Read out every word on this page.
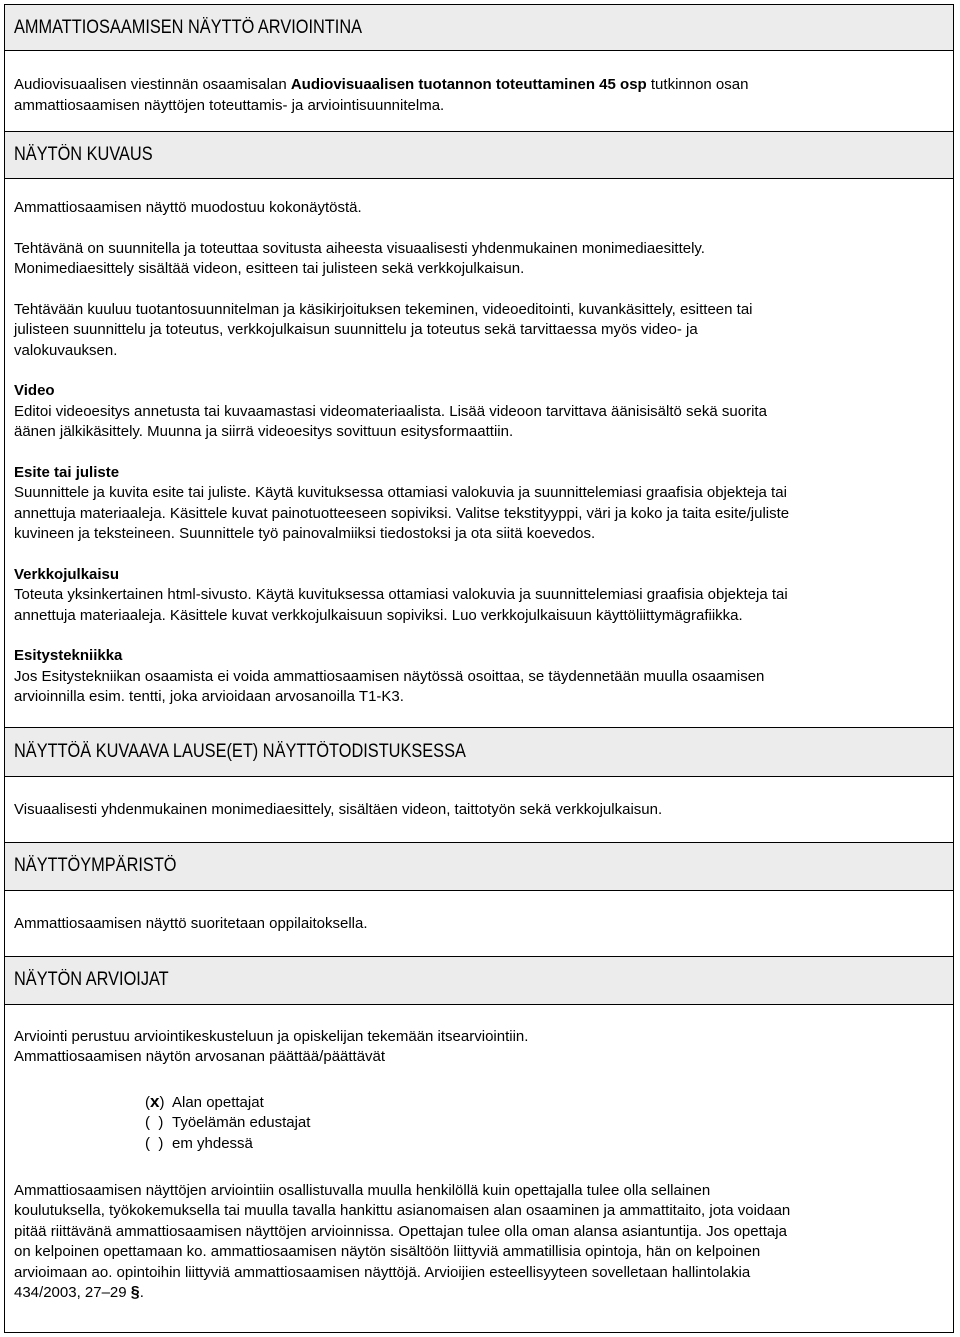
AMMATTIOSAAMISEN NÄYTTÖ ARVIOINTINA

Audiovisuaalisen viestinnän osaamisalan Audiovisuaalisen tuotannon toteuttaminen 45 osp tutkinnon osan

ammattiosaamisen näyttöjen toteuttamis- ja arviointisuunnitelma.

NÄYTÖN KUVAUS

Ammattiosaamisen näyttö muodostuu kokonäytöstä.

Tehtävänä on suunnitella ja toteuttaa sovitusta aiheesta visuaalisesti yhdenmukainen monimediaesittely.

Monimediaesittely sisältää videon, esitteen tai julisteen sekä verkkojulkaisun.

Tehtävään kuuluu tuotantosuunnitelman ja käsikirjoituksen tekeminen, videoeditointi, kuvankäsittely, esitteen tai

julisteen suunnittelu ja toteutus, verkkojulkaisun suunnittelu ja toteutus sekä tarvittaessa myös video- ja

valokuvauksen.

Video

Editoi videoesitys annetusta tai kuvaamastasi videomateriaalista. Lisää videoon tarvittava äänisisältö sekä suorita

äänen jälkikäsittely. Muunna ja siirrä videoesitys sovittuun esitysformaattiin.

Esite tai juliste

Suunnittele ja kuvita esite tai juliste. Käytä kuvituksessa ottamiasi valokuvia ja suunnittelemiasi graafisia objekteja tai

annettuja materiaaleja. Käsittele kuvat painotuotteeseen sopiviksi. Valitse tekstityyppi, väri ja koko ja taita esite/juliste

kuvineen ja teksteineen. Suunnittele työ painovalmiiksi tiedostoksi ja ota siitä koevedos.

Verkkojulkaisu

Toteuta yksinkertainen html-sivusto. Käytä kuvituksessa ottamiasi valokuvia ja suunnittelemiasi graafisia objekteja tai

annettuja materiaaleja. Käsittele kuvat verkkojulkaisuun sopiviksi. Luo verkkojulkaisuun käyttöliittymägrafiikka.

Esitystekniikka

Jos Esitystekniikan osaamista ei voida ammattiosaamisen näytössä osoittaa, se täydennetään muulla osaamisen

arvioinnilla esim. tentti, joka arvioidaan arvosanoilla T1-K3.

NÄYTTÖÄ KUVAAVA LAUSE(ET) NÄYTTÖTODISTUKSESSA

Visuaalisesti yhdenmukainen monimediaesittely, sisältäen videon, taittotyön sekä verkkojulkaisun.

NÄYTTÖYMPÄRISTÖ

Ammattiosaamisen näyttö suoritetaan oppilaitoksella.

NÄYTÖN ARVIOIJAT

Arviointi perustuu arviointikeskusteluun ja opiskelijan tekemään itsearviointiin.

Ammattiosaamisen näytön arvosanan päättää/päättävät

(x) Alan opettajat
(  ) Työelämän edustajat
(  ) em yhdessä

Ammattiosaamisen näyttöjen arviointiin osallistuvalla muulla henkilöllä kuin opettajalla tulee olla sellainen

koulutuksella, työkokemuksella tai muulla tavalla hankittu asianomaisen alan osaaminen ja ammattitaito, jota voidaan

pitää riittävänä ammattiosaamisen näyttöjen arvioinnissa. Opettajan tulee olla oman alansa asiantuntija. Jos opettaja

on kelpoinen opettamaan ko. ammattiosaamisen näytön sisältöön liittyviä ammatillisia opintoja, hän on kelpoinen

arvioimaan ao. opintoihin liittyviä ammattiosaamisen näyttöjä. Arvioijien esteellisyyteen sovelletaan hallintolakia

434/2003, 27–29 §.
